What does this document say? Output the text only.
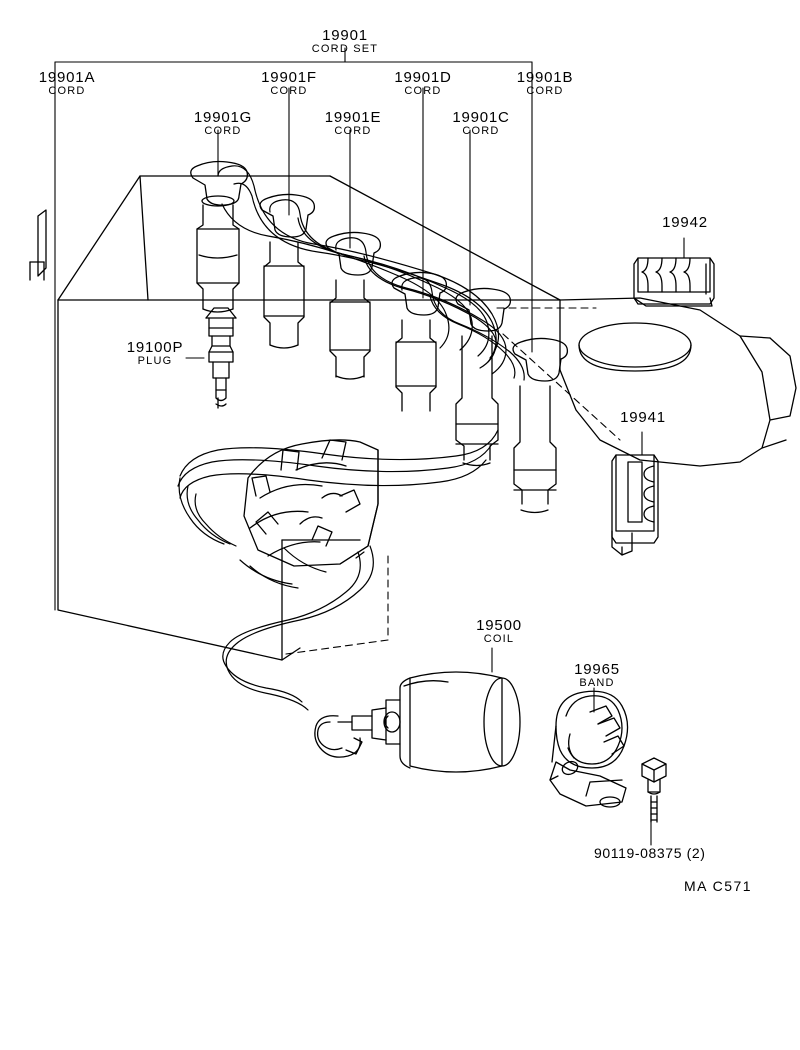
19901
CORD SET
19901A
CORD
19901F
CORD
19901D
CORD
19901B
CORD
19901G
CORD
19901E
CORD
19901C
CORD
19942
19100P
PLUG
19941
19500
COIL
19965
BAND
90119-08375 (2)
MA C571
